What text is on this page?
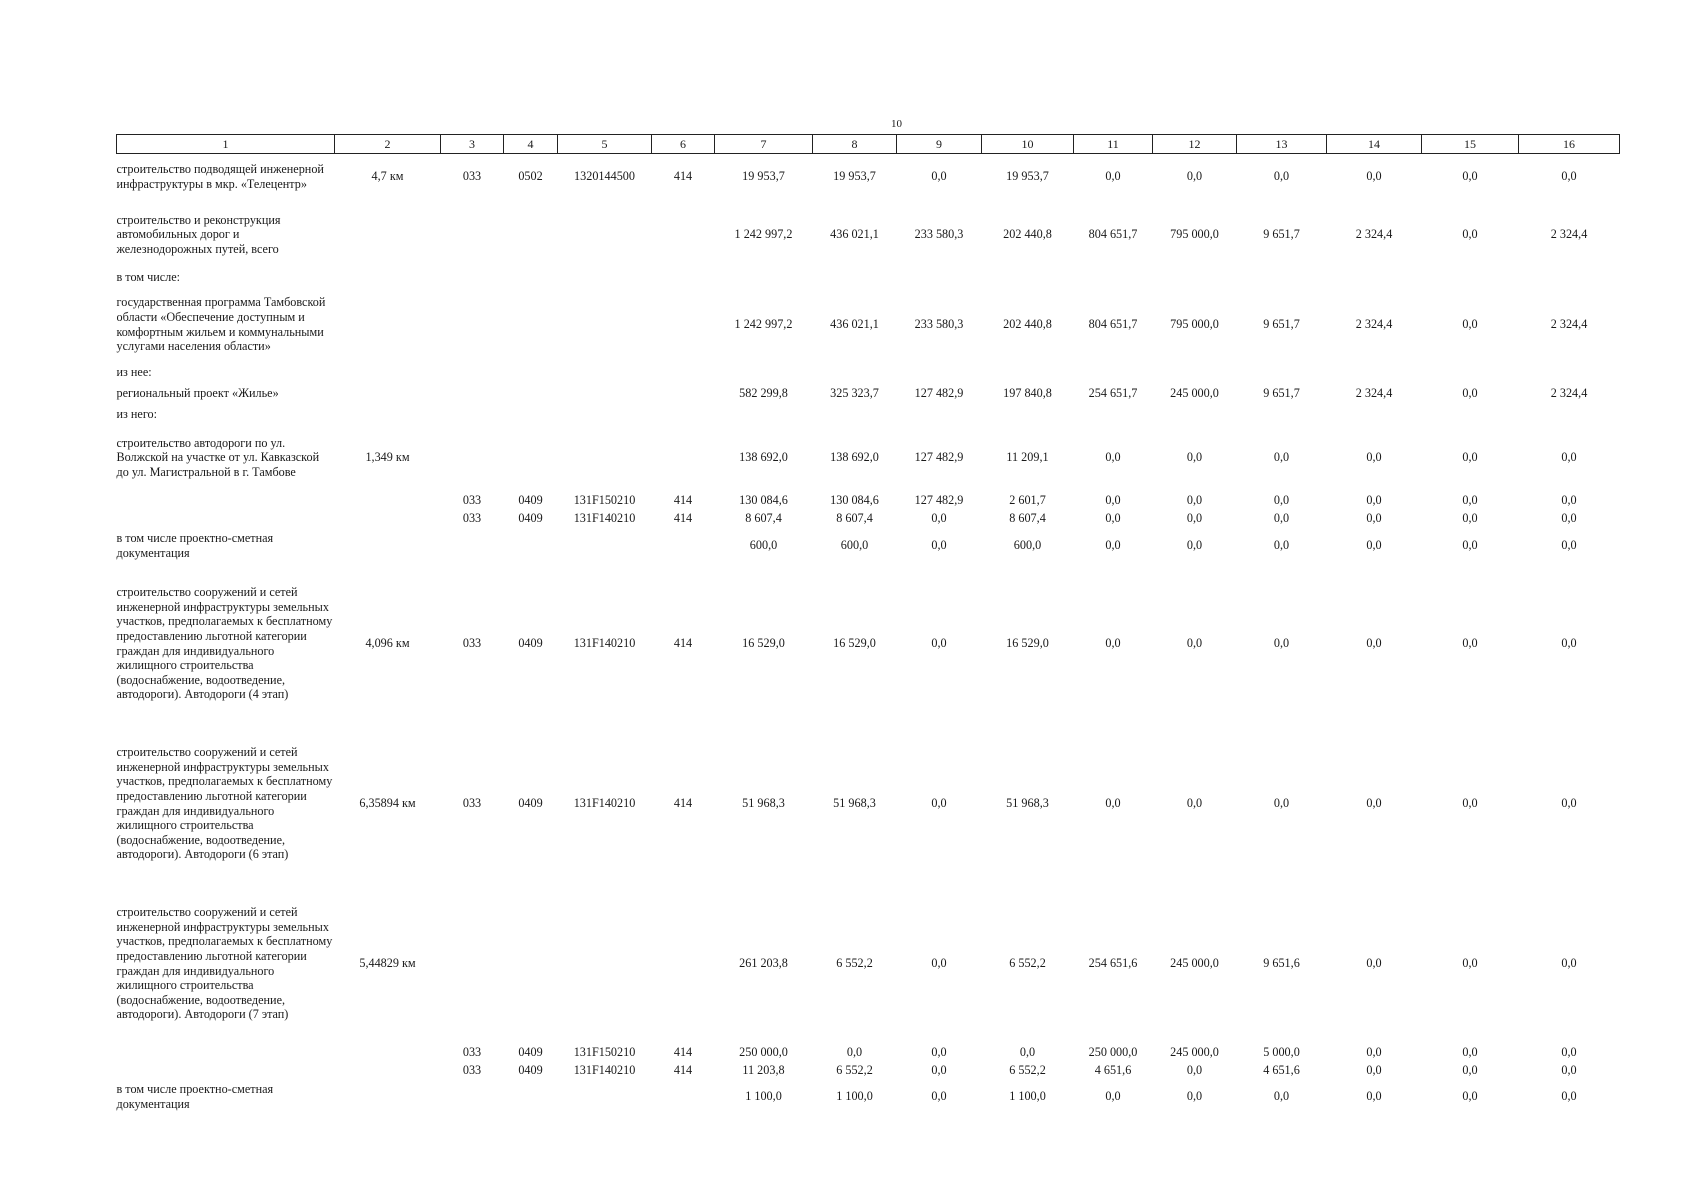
10
1	2	3	4	5	6	7	8	9	10	11	12	13	14	15	16
строительство подводящей инженерной инфраструктуры в мкр. «Телецентр»	4,7 км	033	0502	1320144500	414	19 953,7	19 953,7	0,0	19 953,7	0,0	0,0	0,0	0,0	0,0	0,0
строительство и реконструкция автомобильных дорог и железнодорожных путей, всего						1 242 997,2	436 021,1	233 580,3	202 440,8	804 651,7	795 000,0	9 651,7	2 324,4	0,0	2 324,4
в том числе:															
государственная программа Тамбовской области «Обеспечение доступным и комфортным жильем и коммунальными услугами населения области»						1 242 997,2	436 021,1	233 580,3	202 440,8	804 651,7	795 000,0	9 651,7	2 324,4	0,0	2 324,4
из нее:															
региональный проект «Жилье»						582 299,8	325 323,7	127 482,9	197 840,8	254 651,7	245 000,0	9 651,7	2 324,4	0,0	2 324,4
из него:															
строительство автодороги по ул. Волжской на участке от ул. Кавказской до ул. Магистральной в г. Тамбове	1,349 км					138 692,0	138 692,0	127 482,9	11 209,1	0,0	0,0	0,0	0,0	0,0	0,0
		033	0409	131F150210	414	130 084,6	130 084,6	127 482,9	2 601,7	0,0	0,0	0,0	0,0	0,0	0,0
		033	0409	131F140210	414	8 607,4	8 607,4	0,0	8 607,4	0,0	0,0	0,0	0,0	0,0	0,0
в том числе проектно-сметная документация						600,0	600,0	0,0	600,0	0,0	0,0	0,0	0,0	0,0	0,0
строительство сооружений и сетей инженерной инфраструктуры земельных участков, предполагаемых к бесплатному предоставлению льготной категории граждан для индивидуального жилищного строительства (водоснабжение, водоотведение, автодороги). Автодороги (4 этап)	4,096 км	033	0409	131F140210	414	16 529,0	16 529,0	0,0	16 529,0	0,0	0,0	0,0	0,0	0,0	0,0
строительство сооружений и сетей инженерной инфраструктуры земельных участков, предполагаемых к бесплатному предоставлению льготной категории граждан для индивидуального жилищного строительства (водоснабжение, водоотведение, автодороги). Автодороги (6 этап)	6,35894 км	033	0409	131F140210	414	51 968,3	51 968,3	0,0	51 968,3	0,0	0,0	0,0	0,0	0,0	0,0
строительство сооружений и сетей инженерной инфраструктуры земельных участков, предполагаемых к бесплатному предоставлению льготной категории граждан для индивидуального жилищного строительства (водоснабжение, водоотведение, автодороги). Автодороги (7 этап)	5,44829 км					261 203,8	6 552,2	0,0	6 552,2	254 651,6	245 000,0	9 651,6	0,0	0,0	0,0
		033	0409	131F150210	414	250 000,0	0,0	0,0	0,0	250 000,0	245 000,0	5 000,0	0,0	0,0	0,0
		033	0409	131F140210	414	11 203,8	6 552,2	0,0	6 552,2	4 651,6	0,0	4 651,6	0,0	0,0	0,0
в том числе проектно-сметная документация						1 100,0	1 100,0	0,0	1 100,0	0,0	0,0	0,0	0,0	0,0	0,0
